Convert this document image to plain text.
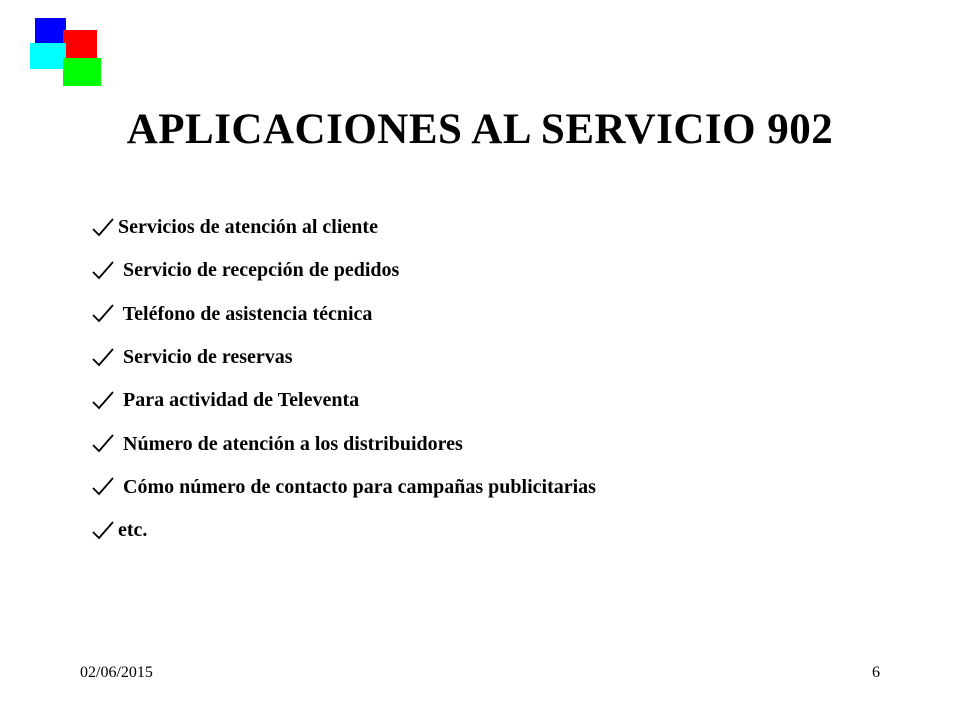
APLICACIONES AL SERVICIO 902
Servicios de atención al cliente
Servicio de recepción de pedidos
Teléfono de asistencia técnica
Servicio de reservas
Para actividad de Televenta
Número de atención a los distribuidores
Cómo número de contacto para campañas publicitarias
etc.
02/06/2015	6
